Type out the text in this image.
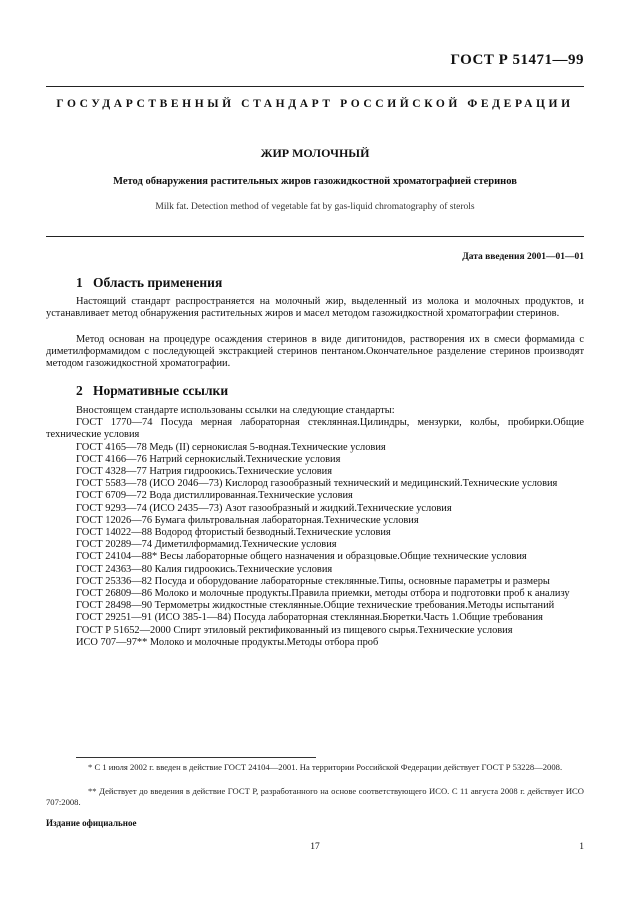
ГОСТ Р 51471—99
ГОСУДАРСТВЕННЫЙ СТАНДАРТ РОССИЙСКОЙ ФЕДЕРАЦИИ
ЖИР МОЛОЧНЫЙ
Метод обнаружения растительных жиров газожидкостной хроматографией стеринов
Milk fat. Detection method of vegetable fat by gas-liquid chromatography of sterols
Дата введения 2001—01—01
1 Область применения
Настоящий стандарт распространяется на молочный жир, выделенный из молока и молочных продуктов, и устанавливает метод обнаружения растительных жиров и масел методом газожидкостной хроматографии стеринов.
Метод основан на процедуре осаждения стеринов в виде дигитонидов, растворения их в смеси формамида с диметилформамидом с последующей экстракцией стеринов пентаном.Окончательное разделение стеринов производят методом газожидкостной хроматографии.
2 Нормативные ссылки

Вностоящем стандарте использованы ссылки на следующие стандарты:

ГОСТ 1770—74 Посуда мерная лабораторная стеклянная.Цилиндры, мензурки, колбы, пробирки.Общие технические условия

ГОСТ 4165—78 Медь (II) сернокислая 5-водная.Технические условия

ГОСТ 4166—76 Натрий сернокислый.Технические условия

ГОСТ 4328—77 Натрия гидроокись.Технические условия

ГОСТ 5583—78 (ИСО 2046—73) Кислород газообразный технический и медицинский.Технические условия

ГОСТ 6709—72 Вода дистиллированная.Технические условия

ГОСТ 9293—74 (ИСО 2435—73) Азот газообразный и жидкий.Технические условия

ГОСТ 12026—76 Бумага фильтровальная лабораторная.Технические условия

ГОСТ 14022—88 Водород фтористый безводный.Технические условия

ГОСТ 20289—74 Диметилформамид.Технические условия

ГОСТ 24104—88* Весы лабораторные общего назначения и образцовые.Общие технические условия

ГОСТ 24363—80 Калия гидроокись.Технические условия

ГОСТ 25336—82 Посуда и оборудование лабораторные стеклянные.Типы, основные параметры и размеры

ГОСТ 26809—86 Молоко и молочные продукты.Правила приемки, методы отбора и подготовки проб к анализу

ГОСТ 28498—90 Термометры жидкостные стеклянные.Общие технические требования.Методы испытаний

ГОСТ 29251—91 (ИСО 385-1—84) Посуда лабораторная стеклянная.Бюретки.Часть 1.Общие требования

ГОСТ Р 51652—2000 Спирт этиловый ректификованный из пищевого сырья.Технические условия

ИСО 707—97** Молоко и молочные продукты.Методы отбора проб

* С 1 июля 2002 г. введен в действие ГОСТ 24104—2001. На территории Российской Федерации действует ГОСТ Р 53228—2008.
** Действует до введения в действие ГОСТ Р, разработанного на основе соответствующего ИСО. С 11 августа 2008 г. действует ИСО 707:2008.
Издание официальное
17	1
